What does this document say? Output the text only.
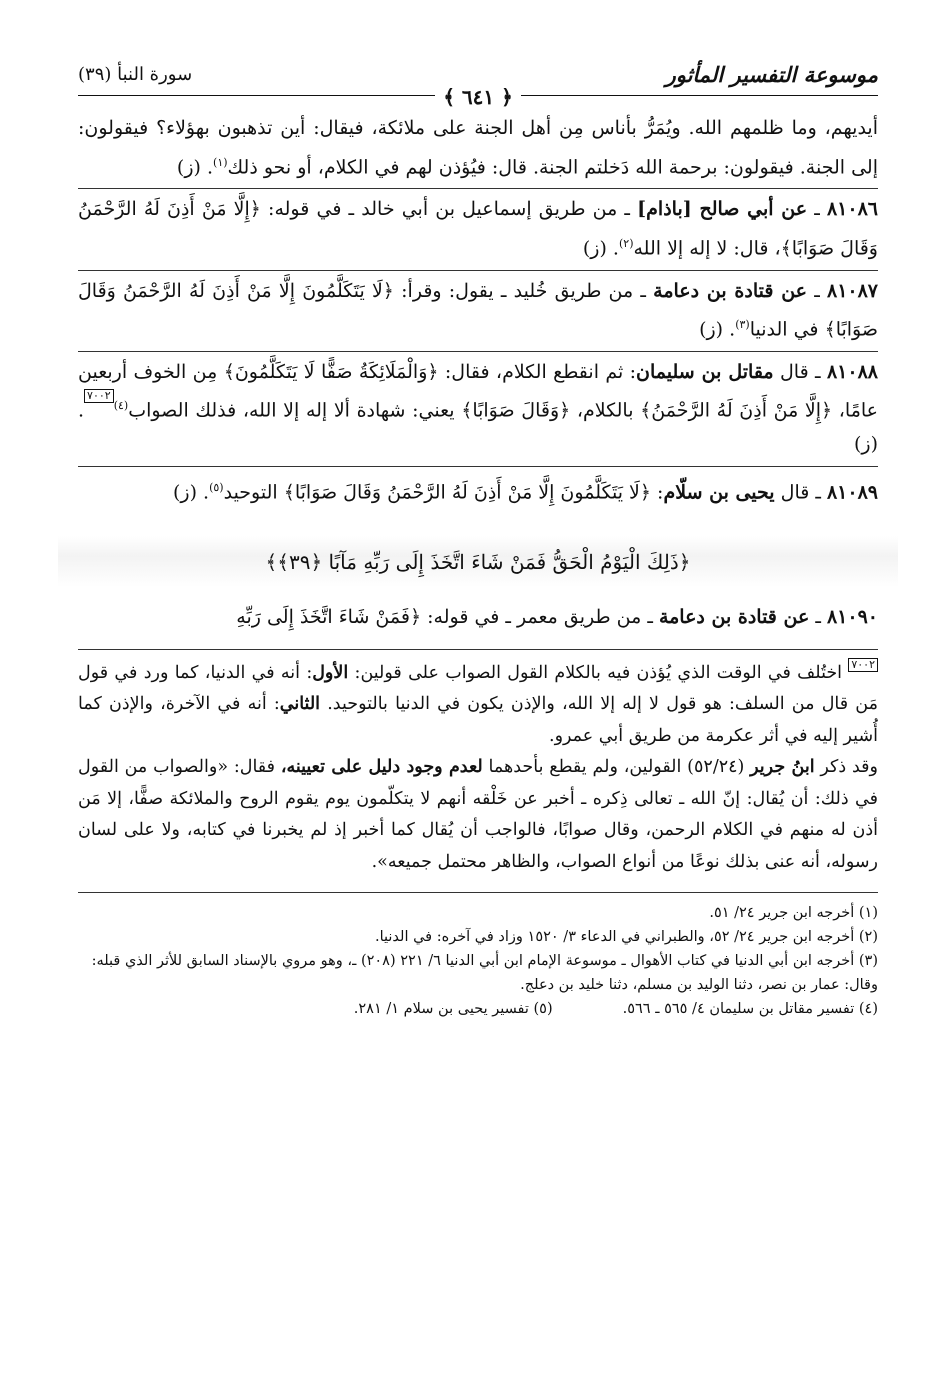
موسوعة التفسير المأثور
سورة النبأ (٣٩)
﴿ ٦٤١ ﴾

أيديهم، وما ظلمهم الله. ويُمَرُّ بأناس مِن أهل الجنة على ملائكة، فيقال: أين تذهبون بهؤلاء؟ فيقولون: إلى الجنة. فيقولون: برحمة الله دَخلتم الجنة. قال: فيُؤذن لهم في الكلام، أو نحو ذلك$^{(١)}$. (ز)

٨١٠٨٦ ـ عن أبي صالح [باذام] ـ من طريق إسماعيل بن أبي خالد ـ في قوله: ﴿إِلَّا مَنْ أَذِنَ لَهُ الرَّحْمَنُ وَقَالَ صَوَابًا﴾، قال: لا إله إلا الله$^{(٢)}$. (ز)

٨١٠٨٧ ـ عن قتادة بن دعامة ـ من طريق خُليد ـ يقول: وقرأ: ﴿لَا يَتَكَلَّمُونَ إِلَّا مَنْ أَذِنَ لَهُ الرَّحْمَنُ وَقَالَ صَوَابًا﴾ في الدنيا$^{(٣)}$. (ز)

٨١٠٨٨ ـ قال مقاتل بن سليمان: ثم انقطع الكلام، فقال: ﴿وَالْمَلَائِكَةُ صَفًّا لَا يَتَكَلَّمُونَ﴾ مِن الخوف أربعين عامًا، ﴿إِلَّا مَنْ أَذِنَ لَهُ الرَّحْمَنُ﴾ بالكلام، ﴿وَقَالَ صَوَابًا﴾ يعني: شهادة ألا إله إلا الله، فذلك الصواب$^{(٤)}$٧٠٠٢. (ز)

٨١٠٨٩ ـ قال يحيى بن سلّام: ﴿لَا يَتَكَلَّمُونَ إِلَّا مَنْ أَذِنَ لَهُ الرَّحْمَنُ وَقَالَ صَوَابًا﴾ التوحيد$^{(٥)}$. (ز)

﴿ذَلِكَ الْيَوْمُ الْحَقُّ فَمَنْ شَاءَ اتَّخَذَ إِلَى رَبِّهِ مَآبًا ﴿٣٩﴾﴾

٨١٠٩٠ ـ عن قتادة بن دعامة ـ من طريق معمر ـ في قوله: ﴿فَمَنْ شَاءَ اتَّخَذَ إِلَى رَبِّهِ

٧٠٠٢ اختُلف في الوقت الذي يُؤذن فيه بالكلام القول الصواب على قولين: الأول: أنه في الدنيا، كما ورد في قول مَن قال من السلف: هو قول لا إله إلا الله، والإذن يكون في الدنيا بالتوحيد. الثاني: أنه في الآخرة، والإذن كما أُشير إليه في أثر عكرمة من طريق أبي عمرو.

وقد ذكر ابنُ جرير (٥٢/٢٤) القولين، ولم يقطع بأحدهما لعدم وجود دليل على تعيينه، فقال: «والصواب من القول في ذلك: أن يُقال: إنّ الله ـ تعالى ذِكره ـ أخبر عن خَلْقه أنهم لا يتكلّمون يوم يقوم الروح والملائكة صفًّا، إلا مَن أذن له منهم في الكلام الرحمن، وقال صوابًا، فالواجب أن يُقال كما أخبر إذ لم يخبرنا في كتابه، ولا على لسان رسوله، أنه عنى بذلك نوعًا من أنواع الصواب، والظاهر محتمل جميعه».

(١) أخرجه ابن جرير ٢٤/ ٥١.

(٢) أخرجه ابن جرير ٢٤/ ٥٢، والطبراني في الدعاء ٣/ ١٥٢٠ وزاد في آخره: في الدنيا.

(٣) أخرجه ابن أبي الدنيا في كتاب الأهوال ـ موسوعة الإمام ابن أبي الدنيا ٦/ ٢٢١ (٢٠٨) ـ، وهو مروي بالإسناد السابق للأثر الذي قبله: وقال: عمار بن نصر، دثنا الوليد بن مسلم، دثنا خليد بن دعلج.

(٤) تفسير مقاتل بن سليمان ٤/ ٥٦٥ ـ ٥٦٦.

(٥) تفسير يحيى بن سلام ١/ ٢٨١.
